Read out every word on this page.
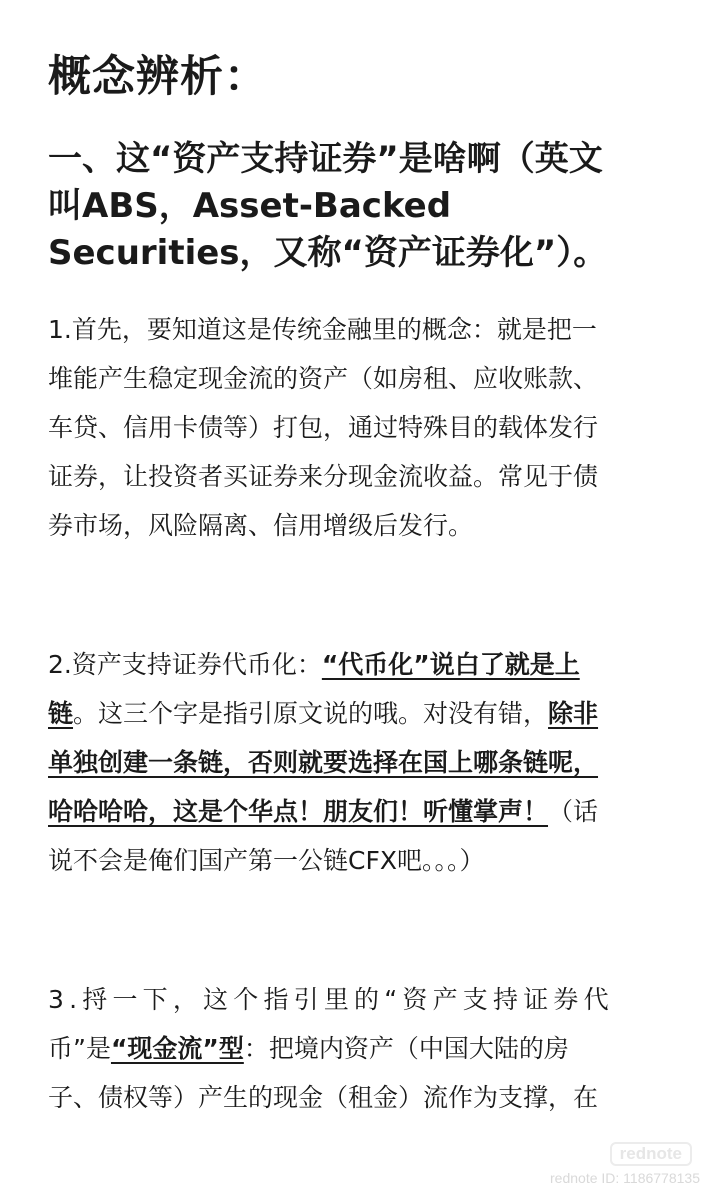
概念辨析：
一、这“资产支持证券”是啥啊（英文
叫ABS，Asset-Backed
Securities，又称“资产证券化”）。

1.首先，要知道这是传统金融里的概念：就是把一
堆能产生稳定现金流的资产（如房租、应收账款、
车贷、信用卡债等）打包，通过特殊目的载体发行
证券，让投资者买证券来分现金流收益。常见于债
券市场，风险隔离、信用增级后发行。

2.资产支持证券代币化：“代币化”说白了就是上
链。这三个字是指引原文说的哦。对没有错，除非
单独创建一条链，否则就要选择在国上哪条链呢，
哈哈哈哈，这是个华点！朋友们！听懂掌声！（话
说不会是俺们国产第一公链CFX吧。。。）

3.捋一下，这个指引里的“资产支持证券代
币”是“现金流”型：把境内资产（中国大陆的房
子、债权等）产生的现金（租金）流作为支撑，在

rednote
rednote ID: 1186778135
